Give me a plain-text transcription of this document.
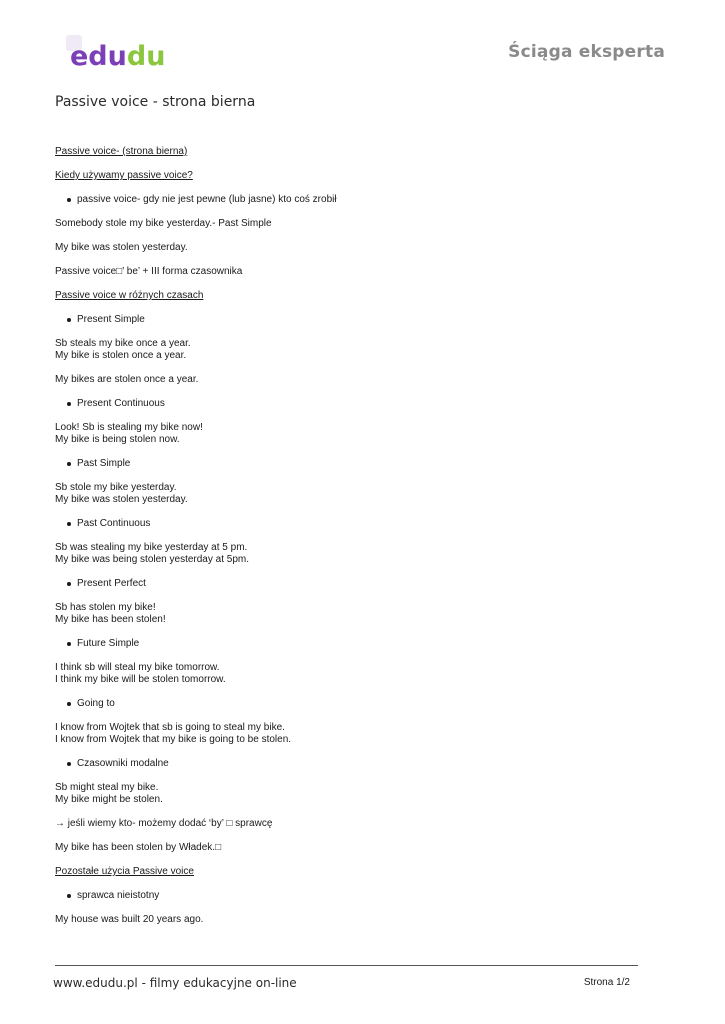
edudu	Ściąga eksperta
Passive voice - strona bierna

Passive voice- (strona bierna)

Kiedy używamy passive voice?

passive voice- gdy nie jest pewne (lub jasne) kto coś zrobił

Somebody stole my bike yesterday.- Past Simple

My bike was stolen yesterday.

Passive voice□’ be’ + III forma czasownika

Passive voice w różnych czasach

Present Simple

Sb steals my bike once a year.

My bike is stolen once a year.

My bikes are stolen once a year.

Present Continuous

Look! Sb is stealing my bike now!

My bike is being stolen now.

Past Simple

Sb stole my bike yesterday.

My bike was stolen yesterday.

Past Continuous

Sb was stealing my bike yesterday at 5 pm.

My bike was being stolen yesterday at 5pm.

Present Perfect

Sb has stolen my bike!

My bike has been stolen!

Future Simple

I think sb will steal my bike tomorrow.

I think my bike will be stolen tomorrow.

Going to

I know from Wojtek that sb is going to steal my bike.

I know from Wojtek that my bike is going to be stolen.

Czasowniki modalne

Sb might steal my bike.

My bike might be stolen.

→ jeśli wiemy kto- możemy dodać ‘by’ □ sprawcę

My bike has been stolen by Władek.□

Pozostałe użycia Passive voice

sprawca nieistotny

My house was built 20 years ago.

www.edudu.pl - filmy edukacyjne on-line	Strona 1/2
